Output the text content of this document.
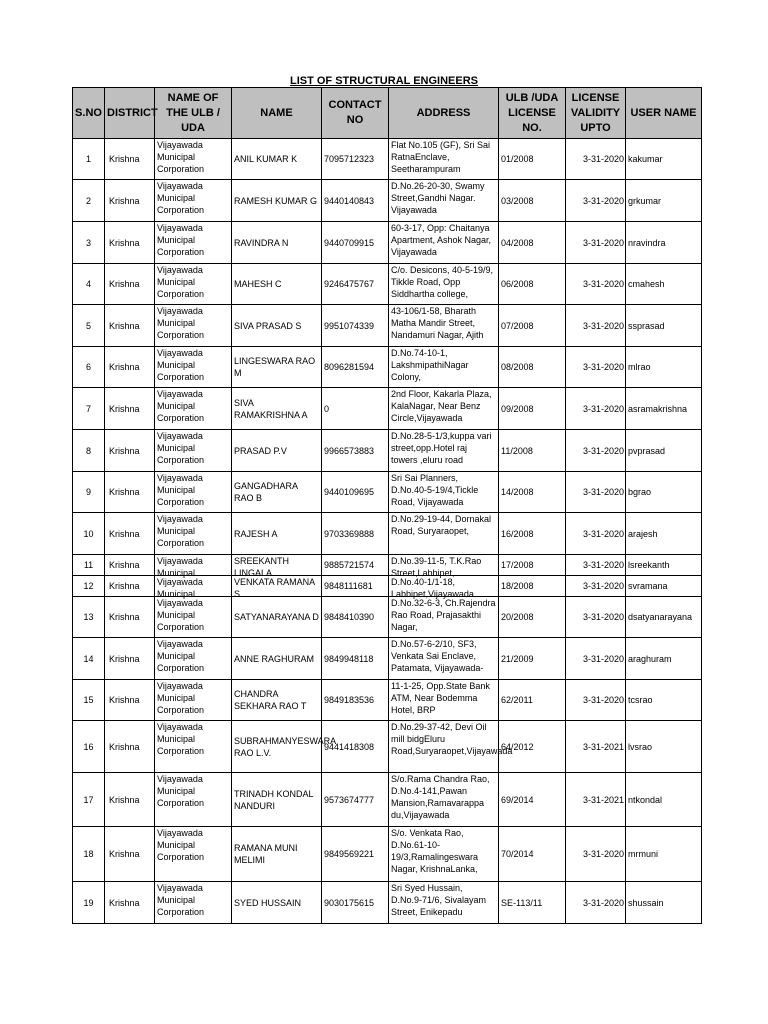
LIST OF STRUCTURAL ENGINEERS
S.NO	DISTRICT	NAME OF THE ULB / UDA	NAME	CONTACT NO	ADDRESS	ULB /UDA LICENSE NO.	LICENSE VALIDITY UPTO	USER NAME

1	Krishna	Vijayawada Municipal Corporation	ANIL KUMAR K	7095712323	Flat No.105 (GF), Sri Sai RatnaEnclave, Seetharampuram	01/2008	3-31-2020	kakumar

2	Krishna	Vijayawada Municipal Corporation	RAMESH KUMAR G	9440140843	D.No.26-20-30, Swamy Street,Gandhi Nagar. Vijayawada	03/2008	3-31-2020	grkumar

3	Krishna	Vijayawada Municipal Corporation	RAVINDRA N	9440709915	60-3-17, Opp: Chaitanya Apartment, Ashok Nagar, Vijayawada	04/2008	3-31-2020	nravindra

4	Krishna	Vijayawada Municipal Corporation	MAHESH C	9246475767	C/o. Desicons, 40-5-19/9, Tikkle Road, Opp Siddhartha college,	06/2008	3-31-2020	cmahesh

5	Krishna	Vijayawada Municipal Corporation	SIVA PRASAD S	9951074339	43-106/1-58, Bharath Matha Mandir Street, Nandamuri Nagar, Ajith	07/2008	3-31-2020	ssprasad

6	Krishna	Vijayawada Municipal Corporation	LINGESWARA RAO M	8096281594	D.No.74-10-1, LakshmipathiNagar Colony,	08/2008	3-31-2020	mlrao

7	Krishna	Vijayawada Municipal Corporation	SIVA RAMAKRISHNA A	0	2nd Floor, Kakarla Plaza, KalaNagar, Near Benz Circle,Vijayawada	09/2008	3-31-2020	asramakrishna

8	Krishna	Vijayawada Municipal Corporation	PRASAD P.V	9966573883	D.No.28-5-1/3,kuppa vari street,opp.Hotel raj towers ,eluru road	11/2008	3-31-2020	pvprasad

9	Krishna	Vijayawada Municipal Corporation	GANGADHARA RAO B	9440109695	Sri Sai Planners, D.No.40-5-19/4,Tickle Road, Vijayawada	14/2008	3-31-2020	bgrao

10	Krishna	Vijayawada Municipal Corporation	RAJESH A	9703369888	D.No.29-19-44, Dornakal Road, Suryaraopet,	16/2008	3-31-2020	arajesh

11	Krishna	Vijayawada Municipal	SREEKANTH LINGALA	9885721574	D.No.39-11-5, T.K.Rao Street,Labbipet,	17/2008	3-31-2020	lsreekanth

12	Krishna	Vijayawada Municipal	VENKATA RAMANA S.	9848111681	D.No.40-1/1-18, Labbipet,Vijayawada	18/2008	3-31-2020	svramana

13	Krishna	Vijayawada Municipal Corporation	SATYANARAYANA D	9848410390	D.No.32-6-3, Ch.Rajendra Rao Road, Prajasakthi Nagar,	20/2008	3-31-2020	dsatyanarayana

14	Krishna	Vijayawada Municipal Corporation	ANNE RAGHURAM	9849948118	D.No.57-6-2/10, SF3, Venkata Sai Enclave, Patamata, Vijayawada-	21/2009	3-31-2020	araghuram

15	Krishna	Vijayawada Municipal Corporation	CHANDRA SEKHARA RAO T	9849183536	11-1-25, Opp.State Bank ATM, Near Bodemma Hotel, BRP	62/2011	3-31-2020	tcsrao

16	Krishna	Vijayawada Municipal Corporation	SUBRAHMANYESWARA RAO L.V.	9441418308	D.No.29-37-42, Devi Oil mill bidgEluru Road,Suryaraopet,Vijayawada	64/2012	3-31-2021	lvsrao

17	Krishna	Vijayawada Municipal Corporation	TRINADH KONDAL NANDURI	9573674777	S/o.Rama Chandra Rao, D.No.4-141,Pawan Mansion,Ramavarappa du,Vijayawada	69/2014	3-31-2021	ntkondal

18	Krishna	Vijayawada Municipal Corporation	RAMANA MUNI MELIMI	9849569221	S/o. Venkata Rao, D.No.61-10-19/3,Ramalingeswara Nagar, KrishnaLanka,	70/2014	3-31-2020	mrmuni

19	Krishna	Vijayawada Municipal Corporation	SYED HUSSAIN	9030175615	Sri Syed Hussain, D.No.9-71/6, Sivalayam Street, Enikepadu	SE-113/11	3-31-2020	shussain
